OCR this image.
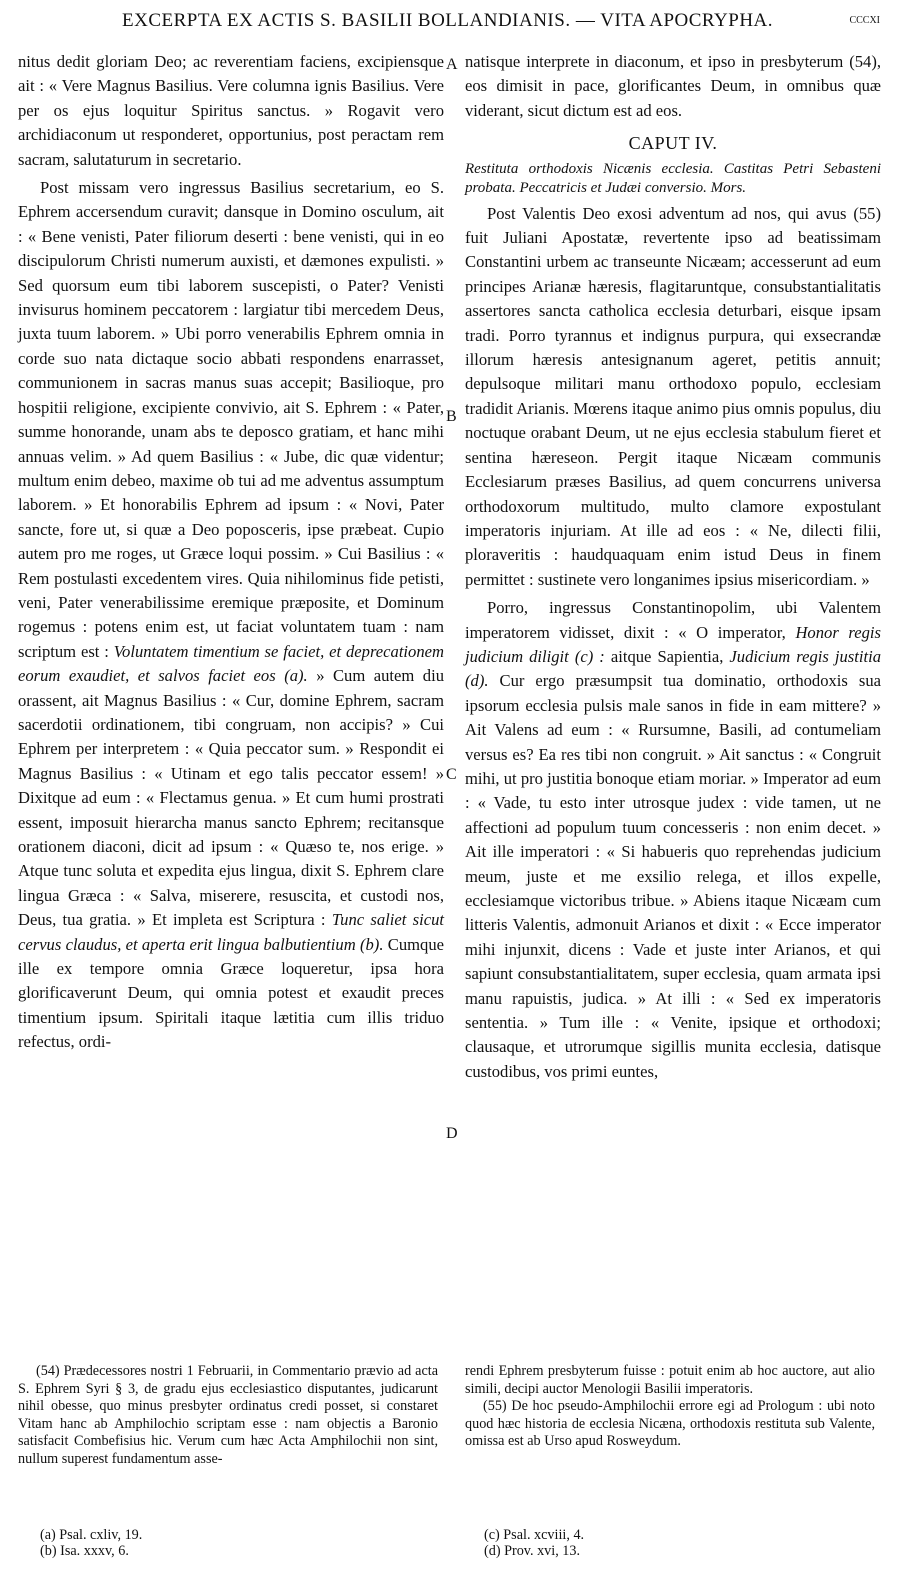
EXCERPTA EX ACTIS S. BASILII BOLLANDIANIS. — VITA APOCRYPHA.	cccxi
A
B
C
D

nitus dedit gloriam Deo; ac reverentiam faciens, excipiensque ait : « Vere Magnus Basilius. Vere columna ignis Basilius. Vere per os ejus loquitur Spiritus sanctus. » Rogavit vero archidiaconum ut responderet, opportunius, post peractam rem sacram, salutaturum in secretario.

Post missam vero ingressus Basilius secretarium, eo S. Ephrem accersendum curavit; dansque in Domino osculum, ait : « Bene venisti, Pater filiorum deserti : bene venisti, qui in eo discipulorum Christi numerum auxisti, et dæmones expulisti. » Sed quorsum eum tibi laborem suscepisti, o Pater? Venisti invisurus hominem peccatorem : largiatur tibi mercedem Deus, juxta tuum laborem. » Ubi porro venerabilis Ephrem omnia in corde suo nata dictaque socio abbati respondens enarrasset, communionem in sacras manus suas accepit; Basilioque, pro hospitii religione, excipiente convivio, ait S. Ephrem : « Pater, summe honorande, unam abs te deposco gratiam, et hanc mihi annuas velim. » Ad quem Basilius : « Jube, dic quæ videntur; multum enim debeo, maxime ob tui ad me adventus assumptum laborem. » Et honorabilis Ephrem ad ipsum : « Novi, Pater sancte, fore ut, si quæ a Deo poposceris, ipse præbeat. Cupio autem pro me roges, ut Græce loqui possim. » Cui Basilius : « Rem postulasti excedentem vires. Quia nihilominus fide petisti, veni, Pater venerabilissime eremique præposite, et Dominum rogemus : potens enim est, ut faciat voluntatem tuam : nam scriptum est : Voluntatem timentium se faciet, et deprecationem eorum exaudiet, et salvos faciet eos (a). » Cum autem diu orassent, ait Magnus Basilius : « Cur, domine Ephrem, sacram sacerdotii ordinationem, tibi congruam, non accipis? » Cui Ephrem per interpretem : « Quia peccator sum. » Respondit ei Magnus Basilius : « Utinam et ego talis peccator essem! » Dixitque ad eum : « Flectamus genua. » Et cum humi prostrati essent, imposuit hierarcha manus sancto Ephrem; recitansque orationem diaconi, dicit ad ipsum : « Quæso te, nos erige. » Atque tunc soluta et expedita ejus lingua, dixit S. Ephrem clare lingua Græca : « Salva, miserere, resuscita, et custodi nos, Deus, tua gratia. » Et impleta est Scriptura : Tunc saliet sicut cervus claudus, et aperta erit lingua balbutientium (b). Cumque ille ex tempore omnia Græce loqueretur, ipsa hora glorificaverunt Deum, qui omnia potest et exaudit preces timentium ipsum. Spiritali itaque lætitia cum illis triduo refectus, ordi-

natisque interprete in diaconum, et ipso in presbyterum (54), eos dimisit in pace, glorificantes Deum, in omnibus quæ viderant, sicut dictum est ad eos.

CAPUT IV.

Restituta orthodoxis Nicænis ecclesia. Castitas Petri Sebasteni probata. Peccatricis et Judæi conversio. Mors.

Post Valentis Deo exosi adventum ad nos, qui avus (55) fuit Juliani Apostatæ, revertente ipso ad beatissimam Constantini urbem ac transeunte Nicæam; accesserunt ad eum principes Arianæ hæresis, flagitaruntque, consubstantialitatis assertores sancta catholica ecclesia deturbari, eisque ipsam tradi. Porro tyrannus et indignus purpura, qui exsecrandæ illorum hæresis antesignanum ageret, petitis annuit; depulsoque militari manu orthodoxo populo, ecclesiam tradidit Arianis. Mœrens itaque animo pius omnis populus, diu noctuque orabant Deum, ut ne ejus ecclesia stabulum fieret et sentina hæreseon. Pergit itaque Nicæam communis Ecclesiarum præses Basilius, ad quem concurrens universa orthodoxorum multitudo, multo clamore expostulant imperatoris injuriam. At ille ad eos : « Ne, dilecti filii, ploraveritis : haudquaquam enim istud Deus in finem permittet : sustinete vero longanimes ipsius misericordiam. »

Porro, ingressus Constantinopolim, ubi Valentem imperatorem vidisset, dixit : « O imperator, Honor regis judicium diligit (c) : aitque Sapientia, Judicium regis justitia (d). Cur ergo præsumpsit tua dominatio, orthodoxis sua ipsorum ecclesia pulsis male sanos in fide in eam mittere? » Ait Valens ad eum : « Rursumne, Basili, ad contumeliam versus es? Ea res tibi non congruit. » Ait sanctus : « Congruit mihi, ut pro justitia bonoque etiam moriar. » Imperator ad eum : « Vade, tu esto inter utrosque judex : vide tamen, ut ne affectioni ad populum tuum concesseris : non enim decet. » Ait ille imperatori : « Si habueris quo reprehendas judicium meum, juste et me exsilio relega, et illos expelle, ecclesiamque victoribus tribue. » Abiens itaque Nicæam cum litteris Valentis, admonuit Arianos et dixit : « Ecce imperator mihi injunxit, dicens : Vade et juste inter Arianos, et qui sapiunt consubstantialitatem, super ecclesia, quam armata ipsi manu rapuistis, judica. » At illi : « Sed ex imperatoris sententia. » Tum ille : « Venite, ipsique et orthodoxi; clausaque, et utrorumque sigillis munita ecclesia, datisque custodibus, vos primi euntes,

(54) Prædecessores nostri 1 Februarii, in Commentario prævio ad acta S. Ephrem Syri § 3, de gradu ejus ecclesiastico disputantes, judicarunt nihil obesse, quo minus presbyter ordinatus credi posset, si constaret Vitam hanc ab Amphilochio scriptam esse : nam objectis a Baronio satisfacit Combefisius hic. Verum cum hæc Acta Amphilochii non sint, nullum superest fundamentum asse-

rendi Ephrem presbyterum fuisse : potuit enim ab hoc auctore, aut alio simili, decipi auctor Menologii Basilii imperatoris.

(55) De hoc pseudo-Amphilochii errore egi ad Prologum : ubi noto quod hæc historia de ecclesia Nicæna, orthodoxis restituta sub Valente, omissa est ab Urso apud Rosweydum.

(a) Psal. cxliv, 19.
(b) Isa. xxxv, 6.
(c) Psal. xcviii, 4.
(d) Prov. xvi, 13.
